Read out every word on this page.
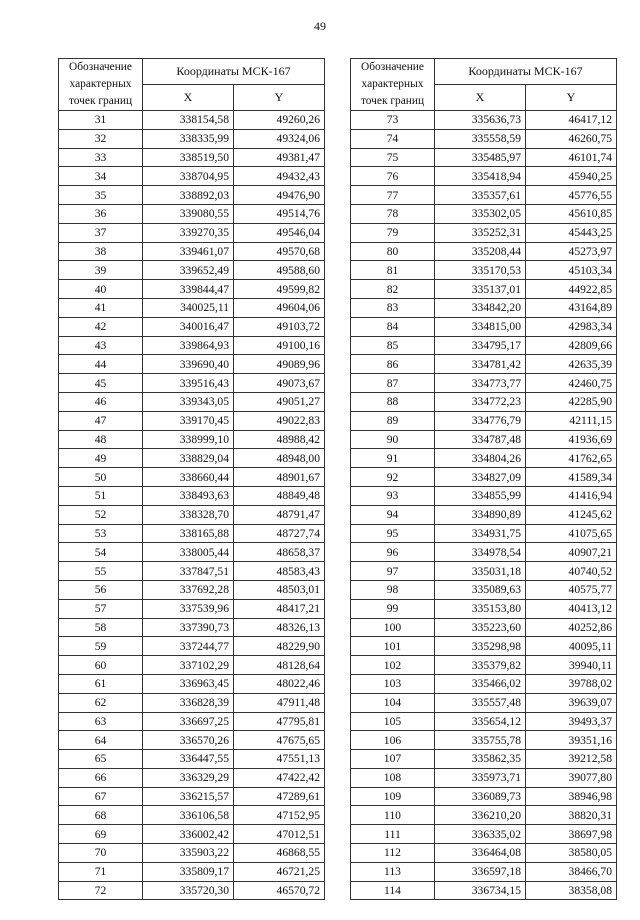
49
Обозначение характерных точек границ	Координаты МСК-167	
	X	Y
31	338154,58	49260,26
32	338335,99	49324,06
33	338519,50	49381,47
34	338704,95	49432,43
35	338892,03	49476,90
36	339080,55	49514,76
37	339270,35	49546,04
38	339461,07	49570,68
39	339652,49	49588,60
40	339844,47	49599,82
41	340025,11	49604,06
42	340016,47	49103,72
43	339864,93	49100,16
44	339690,40	49089,96
45	339516,43	49073,67
46	339343,05	49051,27
47	339170,45	49022,83
48	338999,10	48988,42
49	338829,04	48948,00
50	338660,44	48901,67
51	338493,63	48849,48
52	338328,70	48791,47
53	338165,88	48727,74
54	338005,44	48658,37
55	337847,51	48583,43
56	337692,28	48503,01
57	337539,96	48417,21
58	337390,73	48326,13
59	337244,77	48229,90
60	337102,29	48128,64
61	336963,45	48022,46
62	336828,39	47911,48
63	336697,25	47795,81
64	336570,26	47675,65
65	336447,55	47551,13
66	336329,29	47422,42
67	336215,57	47289,61
68	336106,58	47152,95
69	336002,42	47012,51
70	335903,22	46868,55
71	335809,17	46721,25
72	335720,30	46570,72
Обозначение характерных точек границ	Координаты МСК-167	
	X	Y
73	335636,73	46417,12
74	335558,59	46260,75
75	335485,97	46101,74
76	335418,94	45940,25
77	335357,61	45776,55
78	335302,05	45610,85
79	335252,31	45443,25
80	335208,44	45273,97
81	335170,53	45103,34
82	335137,01	44922,85
83	334842,20	43164,89
84	334815,00	42983,34
85	334795,17	42809,66
86	334781,42	42635,39
87	334773,77	42460,75
88	334772,23	42285,90
89	334776,79	42111,15
90	334787,48	41936,69
91	334804,26	41762,65
92	334827,09	41589,34
93	334855,99	41416,94
94	334890,89	41245,62
95	334931,75	41075,65
96	334978,54	40907,21
97	335031,18	40740,52
98	335089,63	40575,77
99	335153,80	40413,12
100	335223,60	40252,86
101	335298,98	40095,11
102	335379,82	39940,11
103	335466,02	39788,02
104	335557,48	39639,07
105	335654,12	39493,37
106	335755,78	39351,16
107	335862,35	39212,58
108	335973,71	39077,80
109	336089,73	38946,98
110	336210,20	38820,31
111	336335,02	38697,98
112	336464,08	38580,05
113	336597,18	38466,70
114	336734,15	38358,08
